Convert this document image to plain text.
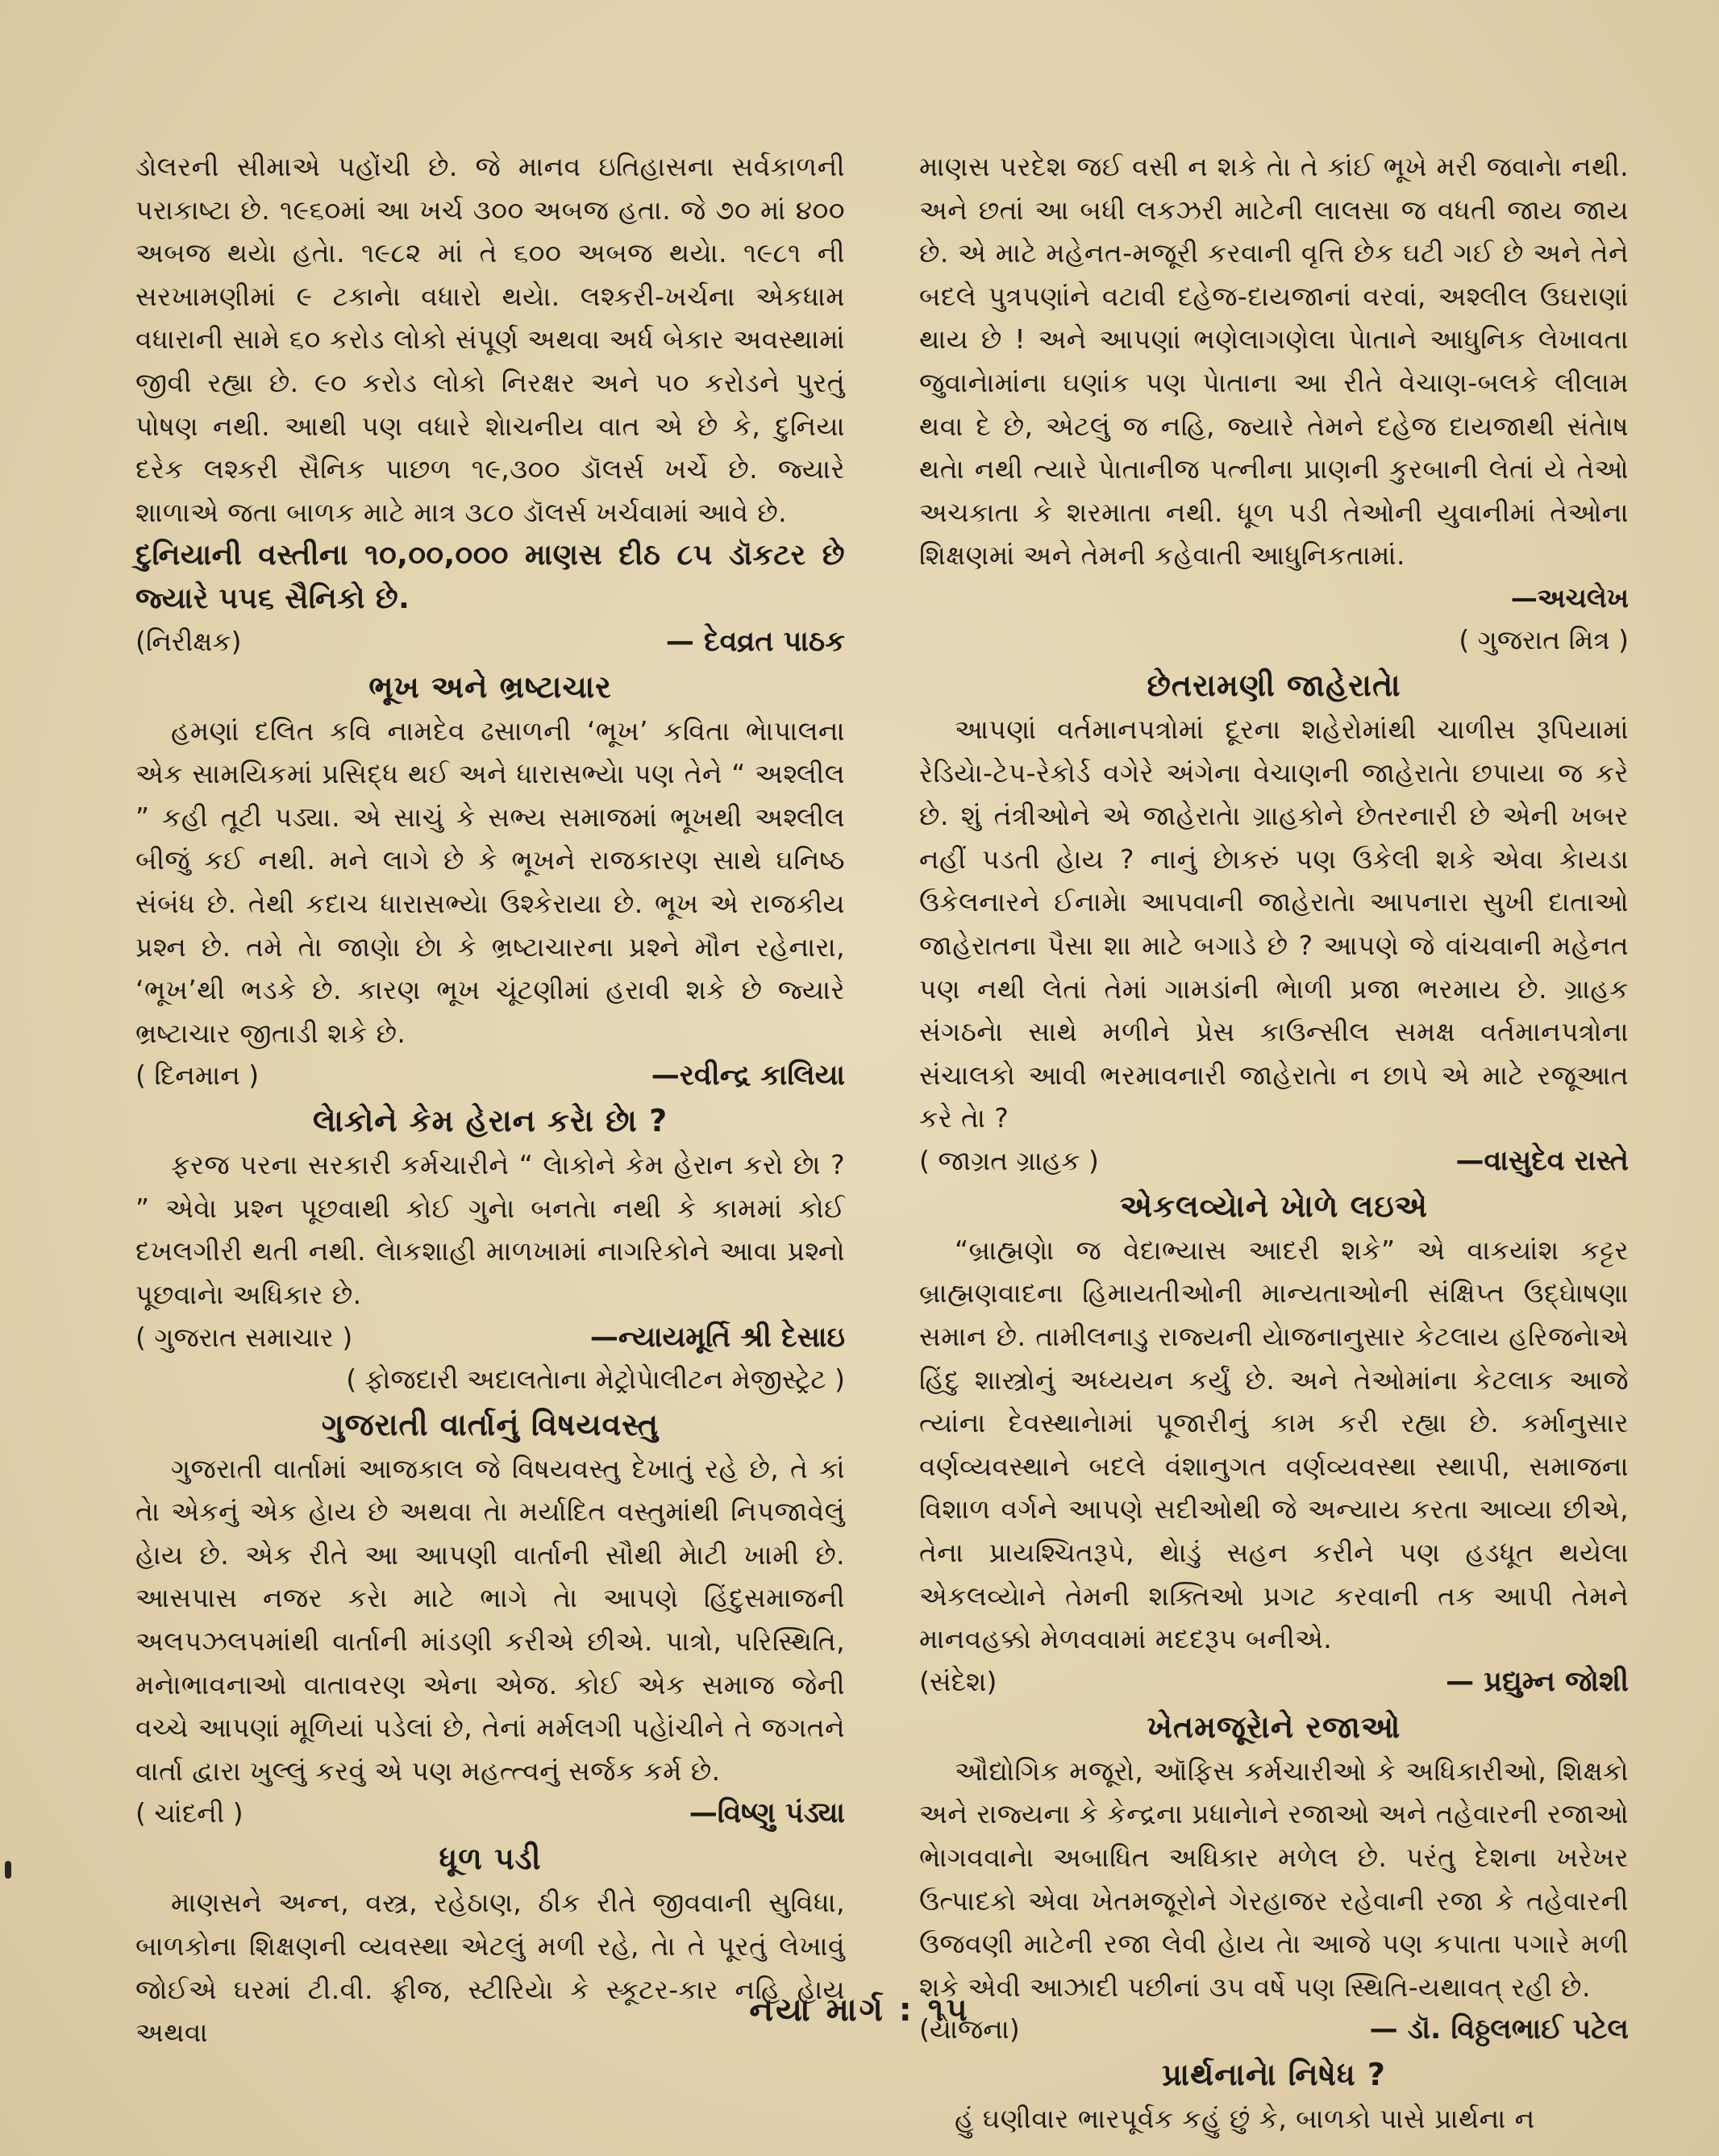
ડોલરની સીમાએ પહોંચી છે. જે માનવ ઇતિહાસના સર્વકાળની પરાકાષ્ટા છે. ૧૯૬૦માં આ ખર્ચ ૩૦૦ અબજ હતા. જે ૭૦ માં ૪૦૦ અબજ થયેા હતેા. ૧૯૮૨ માં તે ૬૦૦ અબજ થયેા. ૧૯૮૧ ની સરખામણીમાં ૯ ટકાનેા વધારો થયેા. લશ્કરી-ખર્ચના એકધામ વધારાની સામે ૬૦ કરોડ લોકો સંપૂર્ણ અથવા અર્ધ બેકાર અવસ્થામાં જીવી રહ્યા છે. ૯૦ કરોડ લોકો નિરક્ષર અને ૫૦ કરોડને પુરતું પોષણ નથી. આથી પણ વધારે શેાચનીય વાત એ છે કે, દુનિયા દરેક લશ્કરી સૈનિક પાછળ ૧૯,૩૦૦ ડૉલર્સ ખર્ચે છે. જ્યારે શાળાએ જતા બાળક માટે માત્ર ૩૮૦ ડૉલર્સ ખર્ચવામાં આવે છે.

દુનિયાની વસ્તીના ૧૦,૦૦,૦૦૦ માણસ દીઠ ૮૫ ડૉકટર છે જ્યારે ૫૫૬ સૈનિકો છે.

(નિરીક્ષક)	— દેવવ્રત પાઠક
ભૂખ અને ભ્રષ્ટાચાર

હમણાં દલિત કવિ નામદેવ ઢસાળની ‘ભૂખ’ કવિતા ભેાપાલના એક સામયિકમાં પ્રસિદ્ધ થઈ અને ધારાસભ્યેા પણ તેને “ અશ્લીલ ” કહી તૂટી પડ્યા. એ સાચું કે સભ્ય સમાજમાં ભૂખથી અશ્લીલ બીજું કઈ નથી. મને લાગે છે કે ભૂખને રાજકારણ સાથે ઘનિષ્ઠ સંબંધ છે. તેથી કદાચ ધારાસભ્યેા ઉશ્કેરાયા છે. ભૂખ એ રાજકીય પ્રશ્ન છે. તમે તેા જાણેા છેા કે ભ્રષ્ટાચારના પ્રશ્ને મૌન રહેનારા, ‘ભૂખ’થી ભડકે છે. કારણ ભૂખ ચૂંટણીમાં હરાવી શકે છે જ્યારે ભ્રષ્ટાચાર જીતાડી શકે છે.

( દિનમાન )	—રવીન્દ્ર કાલિયા
લેાકોને કેમ હેરાન કરેા છેા ?

ફરજ પરના સરકારી કર્મચારીને “ લેાકોને કેમ હેરાન કરો છેા ? ” એવેા પ્રશ્ન પૂછવાથી કોઈ ગુનેા બનતેા નથી કે કામમાં કોઈ દખલગીરી થતી નથી. લેાકશાહી માળખામાં નાગરિકોને આવા પ્રશ્નો પૂછવાનેા અધિકાર છે.

( ગુજરાત સમાચાર )	—ન્યાયમૂર્તિ શ્રી દેસાઇ
( ફોજદારી અદાલતેાના મેટ્રોપેાલીટન મેજીસ્ટ્રેટ )
ગુજરાતી વાર્તાનું વિષયવસ્તુ

ગુજરાતી વાર્તામાં આજકાલ જે વિષયવસ્તુ દેખાતું રહે છે, તે કાં તેા એકનું એક હેાય છે અથવા તેા મર્યાદિત વસ્તુમાંથી નિપજાવેલું હેાય છે. એક રીતે આ આપણી વાર્તાની સૌથી મેાટી ખામી છે. આસપાસ નજર કરેા માટે ભાગે તેા આપણે હિંદુસમાજની અલપઝલપમાંથી વાર્તાની માંડણી કરીએ છીએ. પાત્રો, પરિસ્થિતિ, મનેાભાવનાઓ વાતાવરણ એના એજ. કોઈ એક સમાજ જેની વચ્ચે આપણાં મૂળિયાં પડેલાં છે, તેનાં મર્મલગી પહેાંચીને તે જગતને વાર્તા દ્વારા ખુલ્લું કરવું એ પણ મહત્ત્વનું સર્જક કર્મ છે.

( ચાંદની )	—વિષ્ણુ પંડ્યા
ધૂળ પડી

માણસને અન્ન, વસ્ત્ર, રહેઠાણ, ઠીક રીતે જીવવાની સુવિધા, બાળકોના શિક્ષણની વ્યવસ્થા એટલું મળી રહે, તેા તે પૂરતું લેખાવું જોઈએ ઘરમાં ટી.વી. ફ્રીજ, સ્ટીરિયેા કે સ્કૂટર-કાર નહિ હેાય અથવા

માણસ પરદેશ જઈ વસી ન શકે તેા તે કાંઈ ભૂખે મરી જવાનેા નથી. અને છતાં આ બધી લકઝરી માટેની લાલસા જ વધતી જાય જાય છે. એ માટે મહેનત-મજૂરી કરવાની વૃત્તિ છેક ઘટી ગઈ છે અને તેને બદલે પુત્રપણાંને વટાવી દહેજ-દાયજાનાં વરવાં, અશ્લીલ ઉઘરાણાં થાય છે ! અને આપણાં ભણેલાગણેલા પેાતાને આધુનિક લેખાવતા જુવાનેામાંના ઘણાંક પણ પેાતાના આ રીતે વેચાણ-બલકે લીલામ થવા દે છે, એટલું જ નહિ, જ્યારે તેમને દહેજ દાયજાથી સંતેાષ થતેા નથી ત્યારે પેાતાનીજ પત્નીના પ્રાણની કુરબાની લેતાં યે તેઓ અચકાતા કે શરમાતા નથી. ધૂળ પડી તેઓની યુવાનીમાં તેઓના શિક્ષણમાં અને તેમની કહેવાતી આધુનિકતામાં.

—અચલેખ
( ગુજરાત મિત્ર )
છેતરામણી જાહેરાતેા

આપણાં વર્તમાનપત્રોમાં દૂરના શહેરોમાંથી ચાળીસ રૂપિયામાં રેડિયેા-ટેપ-રેકોર્ડ વગેરે અંગેના વેચાણની જાહેરાતેા છપાયા જ કરે છે. શું તંત્રીઓને એ જાહેરાતેા ગ્રાહકોને છેતરનારી છે એની ખબર નહીં પડતી હેાય ? નાનું છેાકરું પણ ઉકેલી શકે એવા કેાયડા ઉકેલનારને ઈનામેા આપવાની જાહેરાતેા આપનારા સુખી દાતાઓ જાહેરાતના પૈસા શા માટે બગાડે છે ? આપણે જે વાંચવાની મહેનત પણ નથી લેતાં તેમાં ગામડાંની ભેાળી પ્રજા ભરમાય છે. ગ્રાહક સંગઠનેા સાથે મળીને પ્રેસ કાઉન્સીલ સમક્ષ વર્તમાનપત્રોના સંચાલકો આવી ભરમાવનારી જાહેરાતેા ન છાપે એ માટે રજૂઆત કરે તેા ?

( જાગ્રત ગ્રાહક )	—વાસુદેવ રાસ્તે
એકલવ્યેાને ખેાળે લઇએ

“બ્રાહ્મણેા જ વેદાભ્યાસ આદરી શકે” એ વાકયાંશ કટ્ટર બ્રાહ્મણવાદના હિમાયતીઓની માન્યતાઓની સંક્ષિપ્ત ઉદ્‌ઘેાષણા સમાન છે. તામીલનાડુ રાજ્યની યેાજનાનુસાર કેટલાય હરિજનેાએ હિંદુ શાસ્ત્રોનું અધ્યયન કર્યું છે. અને તેઓમાંના કેટલાક આજે ત્યાંના દેવસ્થાનેામાં પૂજારીનું કામ કરી રહ્યા છે. કર્માનુસાર વર્ણવ્યવસ્થાને બદલે વંશાનુગત વર્ણવ્યવસ્થા સ્થાપી, સમાજના વિશાળ વર્ગને આપણે સદીઓથી જે અન્યાય કરતા આવ્યા છીએ, તેના પ્રાયશ્ચિતરૂપે, થેાડું સહન કરીને પણ હડધૂત થયેલા એકલવ્યેાને તેમની શક્તિઓ પ્રગટ કરવાની તક આપી તેમને માનવહક્કો મેળવવામાં મદદરૂપ બનીએ.

(સંદેશ)	— પ્રદ્યુમ્ન જોશી
ખેતમજૂરેાને રજાઓ

ઔદ્યોગિક મજૂરો, ઑફિસ કર્મચારીઓ કે અધિકારીઓ, શિક્ષકો અને રાજ્યના કે કેન્દ્રના પ્રધાનેાને રજાઓ અને તહેવારની રજાઓ ભેાગવવાનેા અબાધિત અધિકાર મળેલ છે. પરંતુ દેશના ખરેખર ઉત્પાદકો એવા ખેતમજૂરોને ગેરહાજર રહેવાની રજા કે તહેવારની ઉજવણી માટેની રજા લેવી હેાય તેા આજે પણ કપાતા પગારે મળી શકે એવી આઝાદી પછીનાં ૩૫ વર્ષે પણ સ્થિતિ-યથાવત્‌ રહી છે.

(યેાજના)	— ડૉ. વિઠ્ઠલભાઈ પટેલ
પ્રાર્થનાનેા નિષેધ ?

હું ઘણીવાર ભારપૂર્વક કહું છું કે, બાળકો પાસે પ્રાર્થના ન

નયા માર્ગ : ૧૫
